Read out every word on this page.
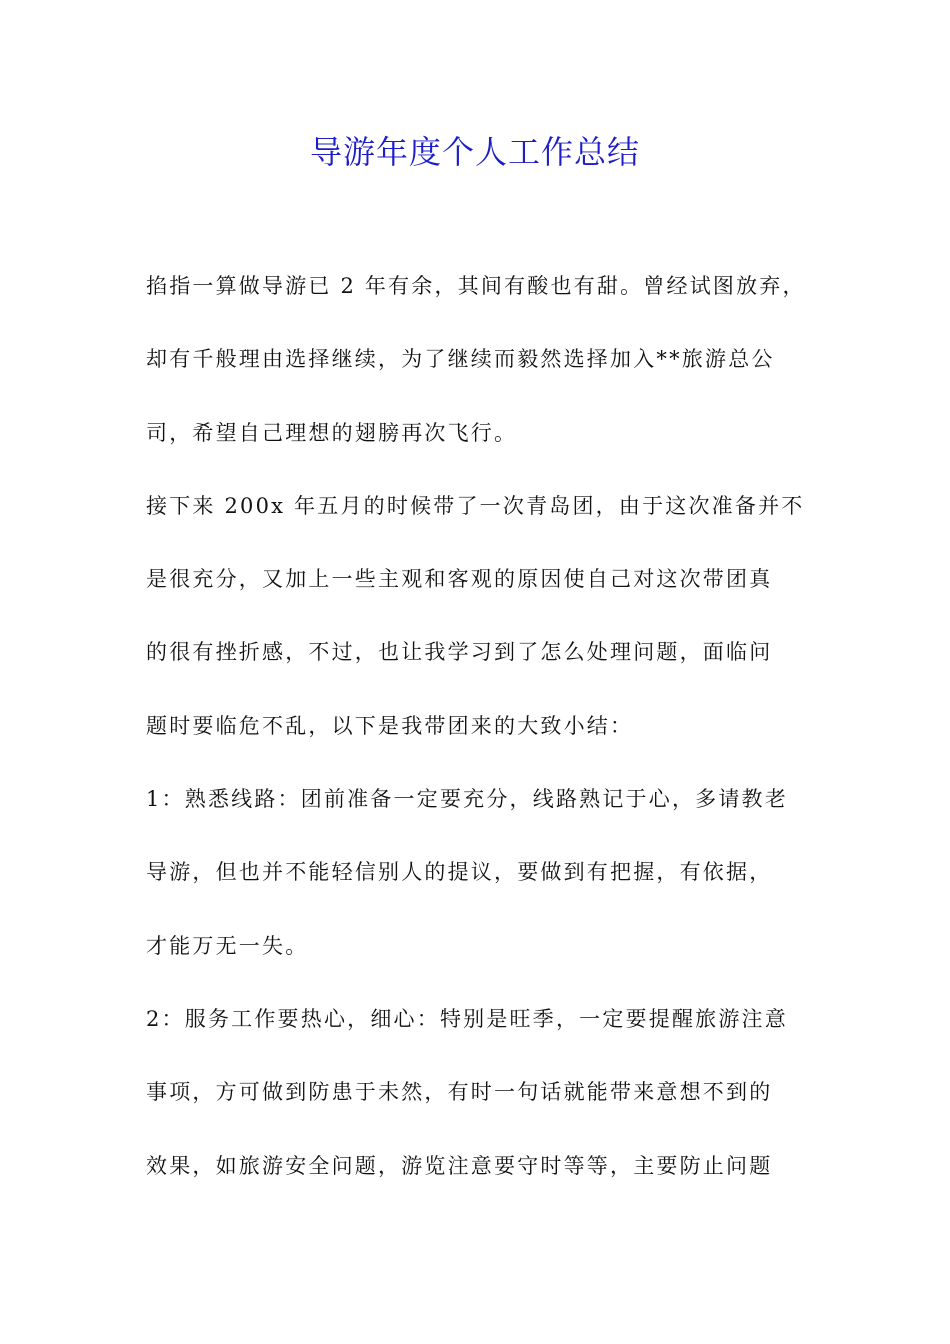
导游年度个人工作总结
掐指一算做导游已 2 年有余，其间有酸也有甜。曾经试图放弃，
却有千般理由选择继续，为了继续而毅然选择加入**旅游总公
司，希望自己理想的翅膀再次飞行。
接下来 200x 年五月的时候带了一次青岛团，由于这次准备并不
是很充分，又加上一些主观和客观的原因使自己对这次带团真
的很有挫折感，不过，也让我学习到了怎么处理问题，面临问
题时要临危不乱，以下是我带团来的大致小结：
1：熟悉线路：团前准备一定要充分，线路熟记于心，多请教老
导游，但也并不能轻信别人的提议，要做到有把握，有依据，
才能万无一失。
2：服务工作要热心，细心：特别是旺季，一定要提醒旅游注意
事项，方可做到防患于未然，有时一句话就能带来意想不到的
效果，如旅游安全问题，游览注意要守时等等，主要防止问题
